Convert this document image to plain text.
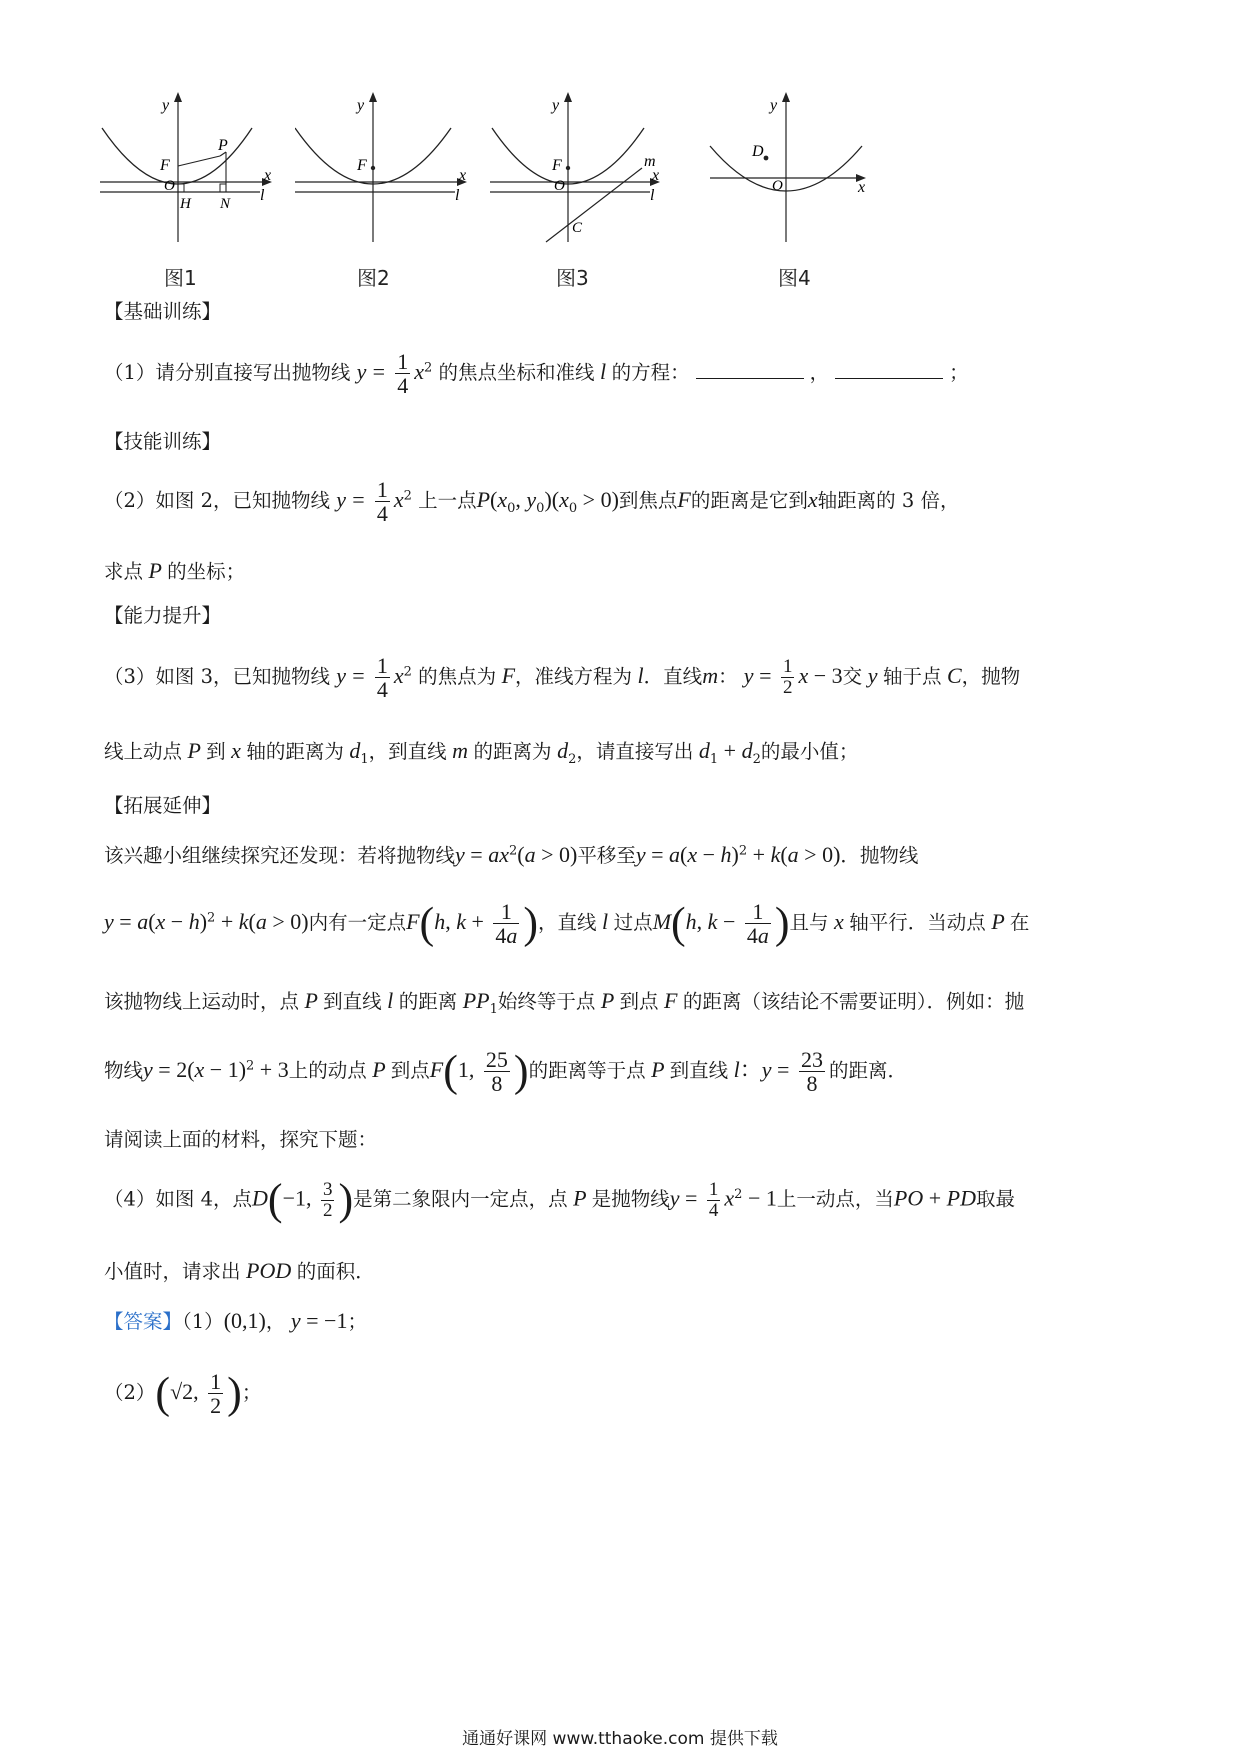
y
x
F
P
O
H N l
图1
y
x
F
l
图2
y
x
F
O
m
C
l
图3
y
x
D
O
图4
【基础训练】
（1）请分别直接写出抛物线 $y = \frac{1}{4} x^2$ 的焦点坐标和准线 l 的方程：	，	；
【技能训练】
（2）如图 2，已知抛物线 $y = \frac{1}{4} x^2$ 上一点$P(x_0$, $y_0)(x_0 > 0)$到焦点F的距离是它到x轴距离的 3 倍，
求点 P 的坐标；
【能力提升】
（3）如图 3，已知抛物线 $y = \frac{1}{4} x^2$ 的焦点为 F，准线方程为 l．直线m： $y = \frac{1}{2}$ x − 3交 y 轴于点 C，抛物
线上动点 P 到 x 轴的距离为 $d_1$，到直线 m 的距离为 $d_2$，请直接写出 $d_1 + d_2$的最小值；
【拓展延伸】
该兴趣小组继续探究还发现：若将抛物线$y = ax^2(a > 0)$平移至$y = a(x - h)^2 + k(a > 0)$．抛物线
$y = a(x - h)^2 + k(a > 0)$内有一定点F(h, $k + \frac{1}{4a}$ )，直线 l 过点M(h, $k - \frac{1}{4a}$ )且与 x 轴平行．当动点 P 在
该抛物线上运动时，点 P 到直线 l 的距离 $PP_1$始终等于点 P 到点 F 的距离（该结论不需要证明）．例如：抛
物线$y = 2(x - 1)^2 + 3$上的动点 P 到点F(1, $\frac{25}{8}$ )的距离等于点 P 到直线 l：$y = \frac{23}{8}$ 的距离．
请阅读上面的材料，探究下题：
（4）如图 4，点D(−1, $\frac{3}{2}$ )是第二象限内一定点，点 P 是抛物线$y = \frac{1}{4} x^2 - 1$上一动点，当PO + PD取最
小值时，请求出 POD 的面积．
【答案】（1）(0,1)， y = −1；
（2）(√2, $\frac{1}{2}$ )；
通通好课网 www.tthaoke.com 提供下载
